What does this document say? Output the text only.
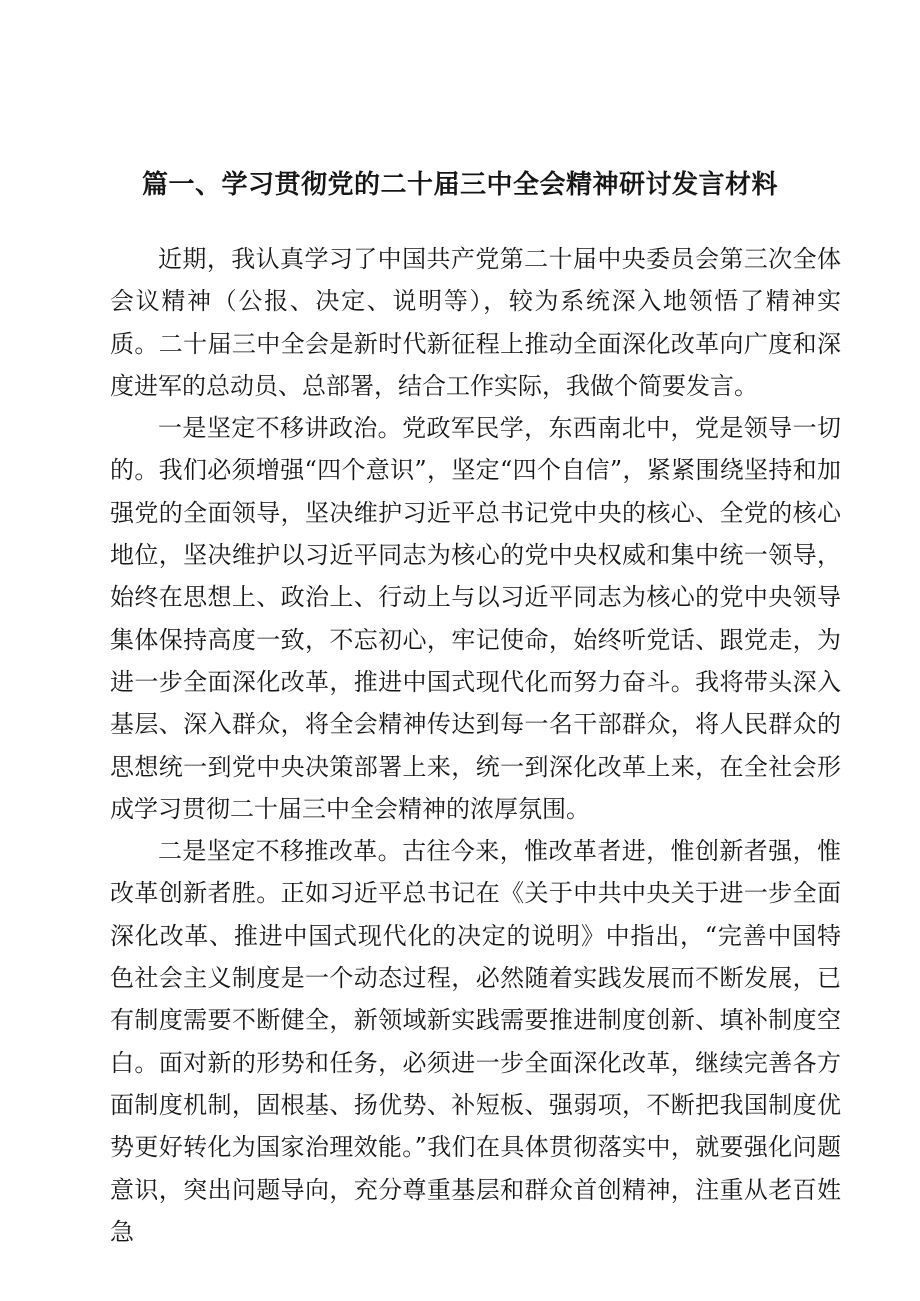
篇一、学习贯彻党的二十届三中全会精神研讨发言材料

近期，我认真学习了中国共产党第二十届中央委员会第三次全体会议精神（公报、决定、说明等），较为系统深入地领悟了精神实质。二十届三中全会是新时代新征程上推动全面深化改革向广度和深度进军的总动员、总部署，结合工作实际，我做个简要发言。

一是坚定不移讲政治。党政军民学，东西南北中，党是领导一切的。我们必须增强“四个意识”，坚定“四个自信”，紧紧围绕坚持和加强党的全面领导，坚决维护习近平总书记党中央的核心、全党的核心地位，坚决维护以习近平同志为核心的党中央权威和集中统一领导，始终在思想上、政治上、行动上与以习近平同志为核心的党中央领导集体保持高度一致，不忘初心，牢记使命，始终听党话、跟党走，为进一步全面深化改革，推进中国式现代化而努力奋斗。我将带头深入基层、深入群众，将全会精神传达到每一名干部群众，将人民群众的思想统一到党中央决策部署上来，统一到深化改革上来，在全社会形成学习贯彻二十届三中全会精神的浓厚氛围。

二是坚定不移推改革。古往今来，惟改革者进，惟创新者强，惟改革创新者胜。正如习近平总书记在《关于中共中央关于进一步全面深化改革、推进中国式现代化的决定的说明》中指出，“完善中国特色社会主义制度是一个动态过程，必然随着实践发展而不断发展，已有制度需要不断健全，新领域新实践需要推进制度创新、填补制度空白。面对新的形势和任务，必须进一步全面深化改革，继续完善各方面制度机制，固根基、扬优势、补短板、强弱项，不断把我国制度优势更好转化为国家治理效能。”我们在具体贯彻落实中，就要强化问题意识，突出问题导向，充分尊重基层和群众首创精神，注重从老百姓急
